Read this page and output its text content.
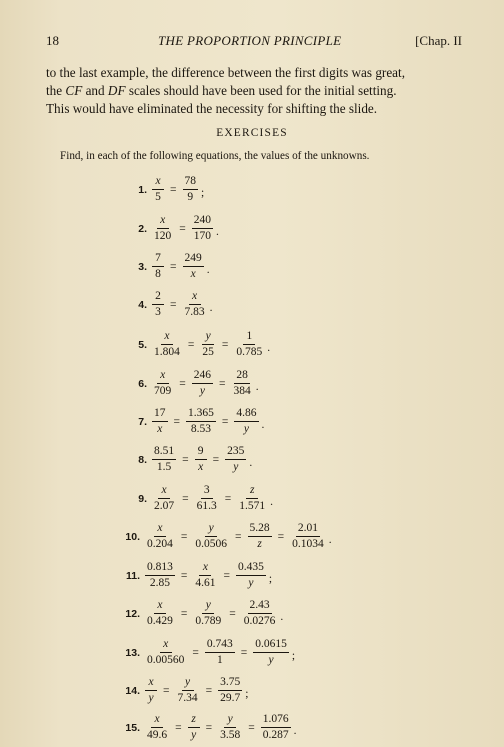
18	THE PROPORTION PRINCIPLE	[Chap. II
to the last example, the difference between the first digits was great,
the CF and DF scales should have been used for the initial setting.
This would have eliminated the necessity for shifting the slide.
EXERCISES
Find, in each of the following equations, the values of the unknowns.
1. $\frac{x}{5} = \frac{78}{9}$ ;
2. $\frac{x}{120} = \frac{240}{170}$ .
3. $\frac{7}{8} = \frac{249}{x}$ .
4. $\frac{2}{3} = \frac{x}{7.83}$ .
5. $\frac{x}{1.804} = \frac{y}{25} = \frac{1}{0.785}$ .
6. $\frac{x}{709} = \frac{246}{y} = \frac{28}{384}$ .
7. $\frac{17}{x} = \frac{1.365}{8.53} = \frac{4.86}{y}$ .
8. $\frac{8.51}{1.5} = \frac{9}{x} = \frac{235}{y}$ .
9. $\frac{x}{2.07} = \frac{3}{61.3} = \frac{z}{1.571}$ .
10. $\frac{x}{0.204} = \frac{y}{0.0506} = \frac{5.28}{z} = \frac{2.01}{0.1034}$ .
11. $\frac{0.813}{2.85} = \frac{x}{4.61} = \frac{0.435}{y}$ ;
12. $\frac{x}{0.429} = \frac{y}{0.789} = \frac{2.43}{0.0276}$ .
13. $\frac{x}{0.00560} = \frac{0.743}{1} = \frac{0.0615}{y}$ ;
14. $\frac{x}{y} = \frac{y}{7.34} = \frac{3.75}{29.7}$ ;
15. $\frac{x}{49.6} = \frac{z}{y} = \frac{y}{3.58} = \frac{1.076}{0.287}$ .
